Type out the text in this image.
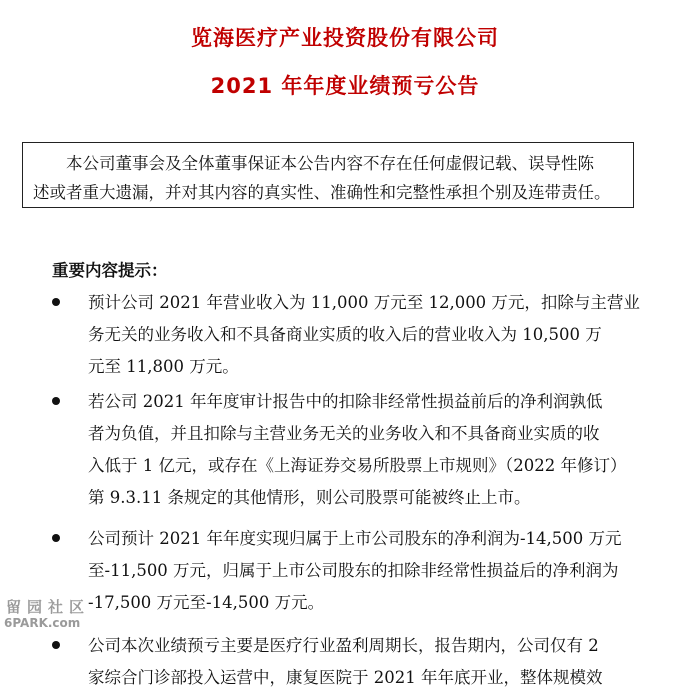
览海医疗产业投资股份有限公司
2021 年年度业绩预亏公告
本公司董事会及全体董事保证本公告内容不存在任何虚假记载、误导性陈
述或者重大遗漏，并对其内容的真实性、准确性和完整性承担个别及连带责任。
重要内容提示：
预计公司 2021 年营业收入为 11,000 万元至 12,000 万元，扣除与主营业
务无关的业务收入和不具备商业实质的收入后的营业收入为 10,500 万
元至 11,800 万元。
若公司 2021 年年度审计报告中的扣除非经常性损益前后的净利润孰低
者为负值，并且扣除与主营业务无关的业务收入和不具备商业实质的收
入低于 1 亿元，或存在《上海证券交易所股票上市规则》（2022 年修订）
第 9.3.11 条规定的其他情形，则公司股票可能被终止上市。
公司预计 2021 年年度实现归属于上市公司股东的净利润为-14,500 万元
至-11,500 万元，归属于上市公司股东的扣除非经常性损益后的净利润为
-17,500 万元至-14,500 万元。
公司本次业绩预亏主要是医疗行业盈利周期长，报告期内，公司仅有 2
家综合门诊部投入运营中，康复医院于 2021 年年底开业，整体规模效
留园社区
6PARK.com
